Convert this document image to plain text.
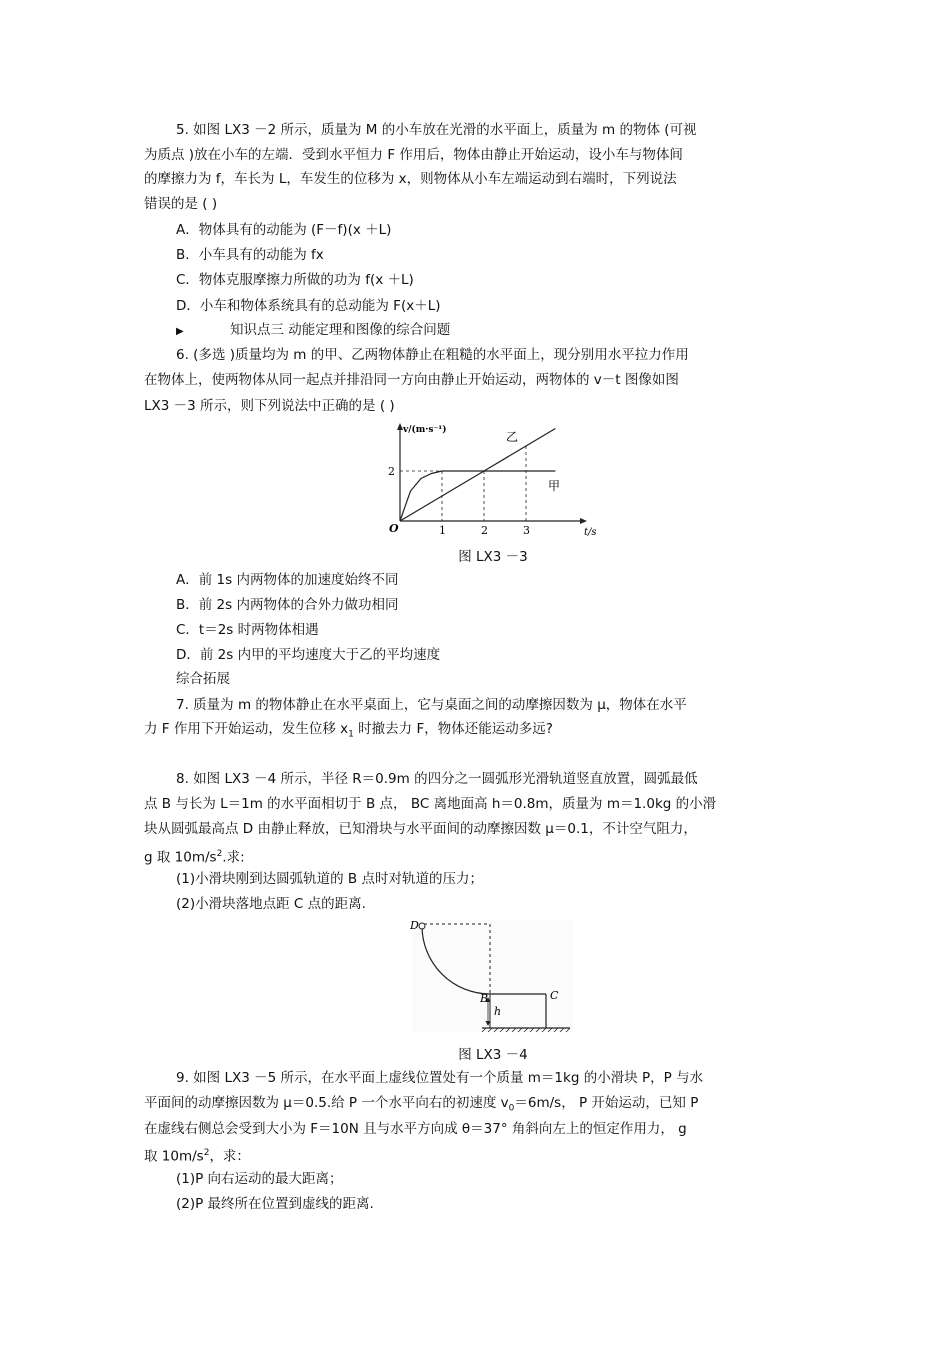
5. 如图 LX3 －2 所示，质量为 M 的小车放在光滑的水平面上，质量为 m 的物体 (可视
为质点 )放在小车的左端．受到水平恒力 F 作用后，物体由静止开始运动，设小车与物体间
的摩擦力为 f，车长为 L，车发生的位移为 x，则物体从小车左端运动到右端时，下列说法
错误的是 ( )
A．物体具有的动能为 (F－f)(x ＋L)
B．小车具有的动能为 fx
C．物体克服摩擦力所做的功为 f(x ＋L)
D．小车和物体系统具有的总动能为 F(x＋L)
▶	知识点三 动能定理和图像的综合问题
6. (多选 )质量均为 m 的甲、乙两物体静止在粗糙的水平面上，现分别用水平拉力作用
在物体上，使两物体从同一起点并排沿同一方向由静止开始运动，两物体的 v－t 图像如图
LX3 －3 所示，则下列说法中正确的是 ( )
2
1	2	3
O	t/s
v/(m·s⁻¹)	乙
甲
图 LX3 －3
A．前 1s 内两物体的加速度始终不同
B．前 2s 内两物体的合外力做功相同
C．t＝2s 时两物体相遇
D．前 2s 内甲的平均速度大于乙的平均速度
综合拓展
7. 质量为 m 的物体静止在水平桌面上，它与桌面之间的动摩擦因数为 μ，物体在水平
力 F 作用下开始运动，发生位移 $x_1$ 时撤去力 F，物体还能运动多远?
8. 如图 LX3 －4 所示，半径 R＝0.9m 的四分之一圆弧形光滑轨道竖直放置，圆弧最低
点 B 与长为 L＝1m 的水平面相切于 B 点， BC 离地面高 h＝0.8m，质量为 m＝1.0kg 的小滑
块从圆弧最高点 D 由静止释放，已知滑块与水平面间的动摩擦因数 μ＝0.1，不计空气阻力，
g 取 $10m/s^2$.求:
(1)小滑块刚到达圆弧轨道的 B 点时对轨道的压力；
(2)小滑块落地点距 C 点的距离.
D
B	C
h
图 LX3 －4
9. 如图 LX3 －5 所示，在水平面上虚线位置处有一个质量 m＝1kg 的小滑块 P，P 与水
平面间的动摩擦因数为 μ＝0.5.给 P 一个水平向右的初速度 $v_0=6m/s$， P 开始运动，已知 P
在虚线右侧总会受到大小为 F＝10N 且与水平方向成 θ＝37° 角斜向左上的恒定作用力， g
取 $10m/s^2$，求：
(1)P 向右运动的最大距离；
(2)P 最终所在位置到虚线的距离.
